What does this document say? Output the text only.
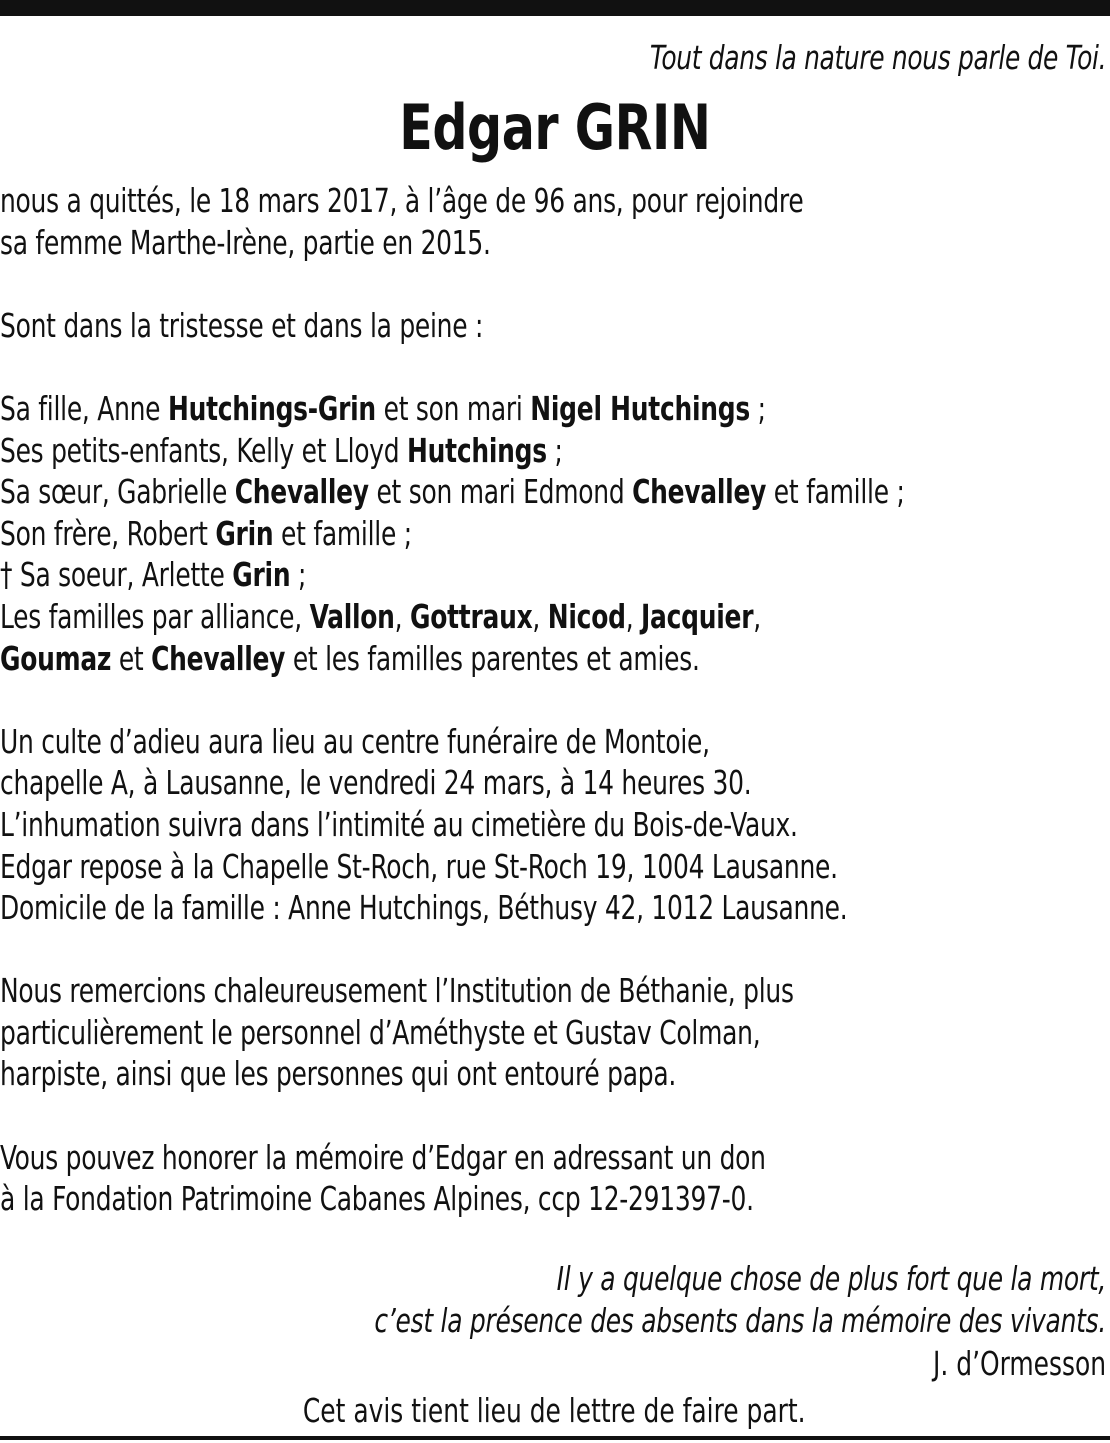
Tout dans la nature nous parle de Toi.
Edgar GRIN
nous a quittés, le 18 mars 2017, à l’âge de 96 ans, pour rejoindre
sa femme Marthe-Irène, partie en 2015.
Sont dans la tristesse et dans la peine :
Sa fille, Anne Hutchings-Grin et son mari Nigel Hutchings ;
Ses petits-enfants, Kelly et Lloyd Hutchings ;
Sa sœur, Gabrielle Chevalley et son mari Edmond Chevalley et famille ;
Son frère, Robert Grin et famille ;
† Sa soeur, Arlette Grin ;
Les familles par alliance, Vallon, Gottraux, Nicod, Jacquier,
Goumaz et Chevalley et les familles parentes et amies.
Un culte d’adieu aura lieu au centre funéraire de Montoie,
chapelle A, à Lausanne, le vendredi 24 mars, à 14 heures 30.
L’inhumation suivra dans l’intimité au cimetière du Bois-de-Vaux.
Edgar repose à la Chapelle St-Roch, rue St-Roch 19, 1004 Lausanne.
Domicile de la famille : Anne Hutchings, Béthusy 42, 1012 Lausanne.
Nous remercions chaleureusement l’Institution de Béthanie, plus
particulièrement le personnel d’Améthyste et Gustav Colman,
harpiste, ainsi que les personnes qui ont entouré papa.
Vous pouvez honorer la mémoire d’Edgar en adressant un don
à la Fondation Patrimoine Cabanes Alpines, ccp 12-291397-0.
Il y a quelque chose de plus fort que la mort,
c’est la présence des absents dans la mémoire des vivants.
J. d’Ormesson
Cet avis tient lieu de lettre de faire part.
